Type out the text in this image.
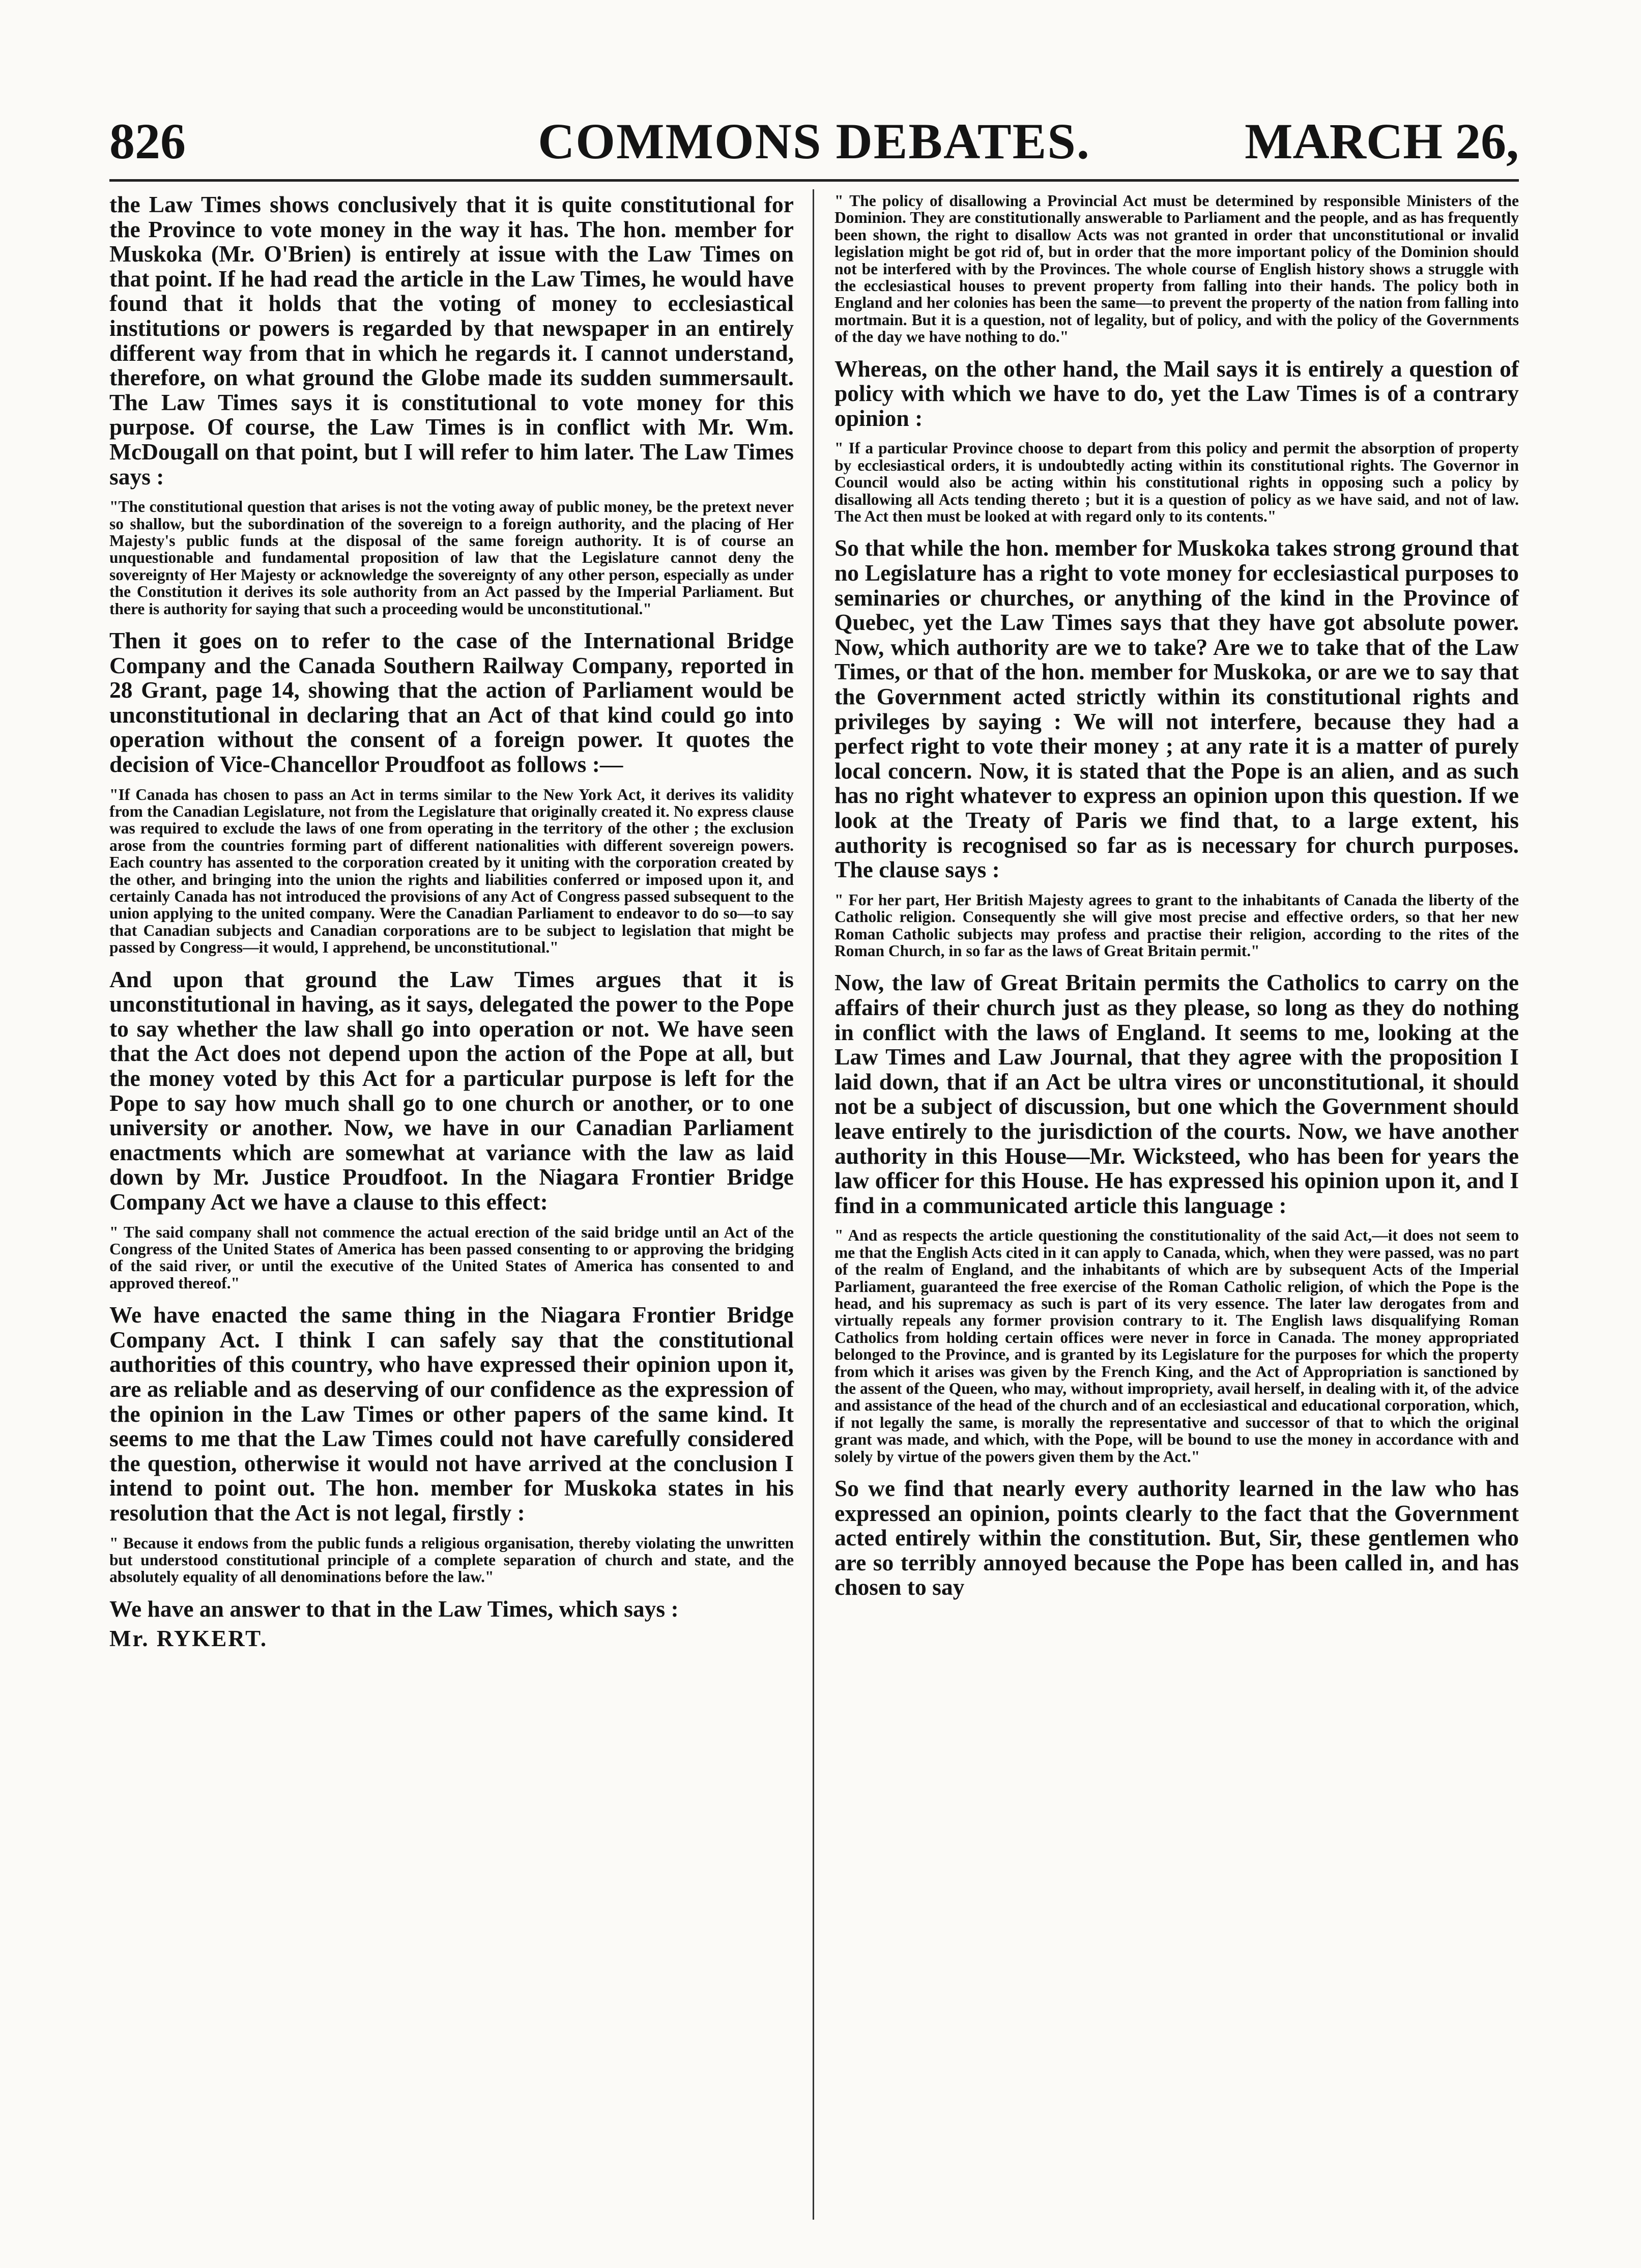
826	COMMONS DEBATES.	MARCH 26,

the Law Times shows conclusively that it is quite constitutional for the Province to vote money in the way it has. The hon. member for Muskoka (Mr. O'Brien) is entirely at issue with the Law Times on that point. If he had read the article in the Law Times, he would have found that it holds that the voting of money to ecclesiastical institutions or powers is regarded by that newspaper in an entirely different way from that in which he regards it. I cannot understand, therefore, on what ground the Globe made its sudden summersault. The Law Times says it is constitutional to vote money for this purpose. Of course, the Law Times is in conflict with Mr. Wm. McDougall on that point, but I will refer to him later. The Law Times says :

"The constitutional question that arises is not the voting away of public money, be the pretext never so shallow, but the subordination of the sovereign to a foreign authority, and the placing of Her Majesty's public funds at the disposal of the same foreign authority. It is of course an unquestionable and fundamental proposition of law that the Legislature cannot deny the sovereignty of Her Majesty or acknowledge the sovereignty of any other person, especially as under the Constitution it derives its sole authority from an Act passed by the Imperial Parliament. But there is authority for saying that such a proceeding would be unconstitutional."

Then it goes on to refer to the case of the International Bridge Company and the Canada Southern Railway Company, reported in 28 Grant, page 14, showing that the action of Parliament would be unconstitutional in declaring that an Act of that kind could go into operation without the consent of a foreign power. It quotes the decision of Vice-Chancellor Proudfoot as follows :—

"If Canada has chosen to pass an Act in terms similar to the New York Act, it derives its validity from the Canadian Legislature, not from the Legislature that originally created it. No express clause was required to exclude the laws of one from operating in the territory of the other ; the exclusion arose from the countries forming part of different nationalities with different sovereign powers. Each country has assented to the corporation created by it uniting with the corporation created by the other, and bringing into the union the rights and liabilities conferred or imposed upon it, and certainly Canada has not introduced the provisions of any Act of Congress passed subsequent to the union applying to the united company. Were the Canadian Parliament to endeavor to do so—to say that Canadian subjects and Canadian corporations are to be subject to legislation that might be passed by Congress—it would, I apprehend, be unconstitutional."

And upon that ground the Law Times argues that it is unconstitutional in having, as it says, delegated the power to the Pope to say whether the law shall go into operation or not. We have seen that the Act does not depend upon the action of the Pope at all, but the money voted by this Act for a particular purpose is left for the Pope to say how much shall go to one church or another, or to one university or another. Now, we have in our Canadian Parliament enactments which are somewhat at variance with the law as laid down by Mr. Justice Proudfoot. In the Niagara Frontier Bridge Company Act we have a clause to this effect:

" The said company shall not commence the actual erection of the said bridge until an Act of the Congress of the United States of America has been passed consenting to or approving the bridging of the said river, or until the executive of the United States of America has consented to and approved thereof."

We have enacted the same thing in the Niagara Frontier Bridge Company Act. I think I can safely say that the constitutional authorities of this country, who have expressed their opinion upon it, are as reliable and as deserving of our confidence as the expression of the opinion in the Law Times or other papers of the same kind. It seems to me that the Law Times could not have carefully considered the question, otherwise it would not have arrived at the conclusion I intend to point out. The hon. member for Muskoka states in his resolution that the Act is not legal, firstly :

" Because it endows from the public funds a religious organisation, thereby violating the unwritten but understood constitutional principle of a complete separation of church and state, and the absolutely equality of all denominations before the law."

We have an answer to that in the Law Times, which says :

Mr. RYKERT.

" The policy of disallowing a Provincial Act must be determined by responsible Ministers of the Dominion. They are constitutionally answerable to Parliament and the people, and as has frequently been shown, the right to disallow Acts was not granted in order that unconstitutional or invalid legislation might be got rid of, but in order that the more important policy of the Dominion should not be interfered with by the Provinces. The whole course of English history shows a struggle with the ecclesiastical houses to prevent property from falling into their hands. The policy both in England and her colonies has been the same—to prevent the property of the nation from falling into mortmain. But it is a question, not of legality, but of policy, and with the policy of the Governments of the day we have nothing to do."

Whereas, on the other hand, the Mail says it is entirely a question of policy with which we have to do, yet the Law Times is of a contrary opinion :

" If a particular Province choose to depart from this policy and permit the absorption of property by ecclesiastical orders, it is undoubtedly acting within its constitutional rights. The Governor in Council would also be acting within his constitutional rights in opposing such a policy by disallowing all Acts tending thereto ; but it is a question of policy as we have said, and not of law. The Act then must be looked at with regard only to its contents."

So that while the hon. member for Muskoka takes strong ground that no Legislature has a right to vote money for ecclesiastical purposes to seminaries or churches, or anything of the kind in the Province of Quebec, yet the Law Times says that they have got absolute power. Now, which authority are we to take? Are we to take that of the Law Times, or that of the hon. member for Muskoka, or are we to say that the Government acted strictly within its constitutional rights and privileges by saying : We will not interfere, because they had a perfect right to vote their money ; at any rate it is a matter of purely local concern. Now, it is stated that the Pope is an alien, and as such has no right whatever to express an opinion upon this question. If we look at the Treaty of Paris we find that, to a large extent, his authority is recognised so far as is necessary for church purposes. The clause says :

" For her part, Her British Majesty agrees to grant to the inhabitants of Canada the liberty of the Catholic religion. Consequently she will give most precise and effective orders, so that her new Roman Catholic subjects may profess and practise their religion, according to the rites of the Roman Church, in so far as the laws of Great Britain permit."

Now, the law of Great Britain permits the Catholics to carry on the affairs of their church just as they please, so long as they do nothing in conflict with the laws of England. It seems to me, looking at the Law Times and Law Journal, that they agree with the proposition I laid down, that if an Act be ultra vires or unconstitutional, it should not be a subject of discussion, but one which the Government should leave entirely to the jurisdiction of the courts. Now, we have another authority in this House—Mr. Wicksteed, who has been for years the law officer for this House. He has expressed his opinion upon it, and I find in a communicated article this language :

" And as respects the article questioning the constitutionality of the said Act,—it does not seem to me that the English Acts cited in it can apply to Canada, which, when they were passed, was no part of the realm of England, and the inhabitants of which are by subsequent Acts of the Imperial Parliament, guaranteed the free exercise of the Roman Catholic religion, of which the Pope is the head, and his supremacy as such is part of its very essence. The later law derogates from and virtually repeals any former provision contrary to it. The English laws disqualifying Roman Catholics from holding certain offices were never in force in Canada. The money appropriated belonged to the Province, and is granted by its Legislature for the purposes for which the property from which it arises was given by the French King, and the Act of Appropriation is sanctioned by the assent of the Queen, who may, without impropriety, avail herself, in dealing with it, of the advice and assistance of the head of the church and of an ecclesiastical and educational corporation, which, if not legally the same, is morally the representative and successor of that to which the original grant was made, and which, with the Pope, will be bound to use the money in accordance with and solely by virtue of the powers given them by the Act."

So we find that nearly every authority learned in the law who has expressed an opinion, points clearly to the fact that the Government acted entirely within the constitution. But, Sir, these gentlemen who are so terribly annoyed because the Pope has been called in, and has chosen to say
